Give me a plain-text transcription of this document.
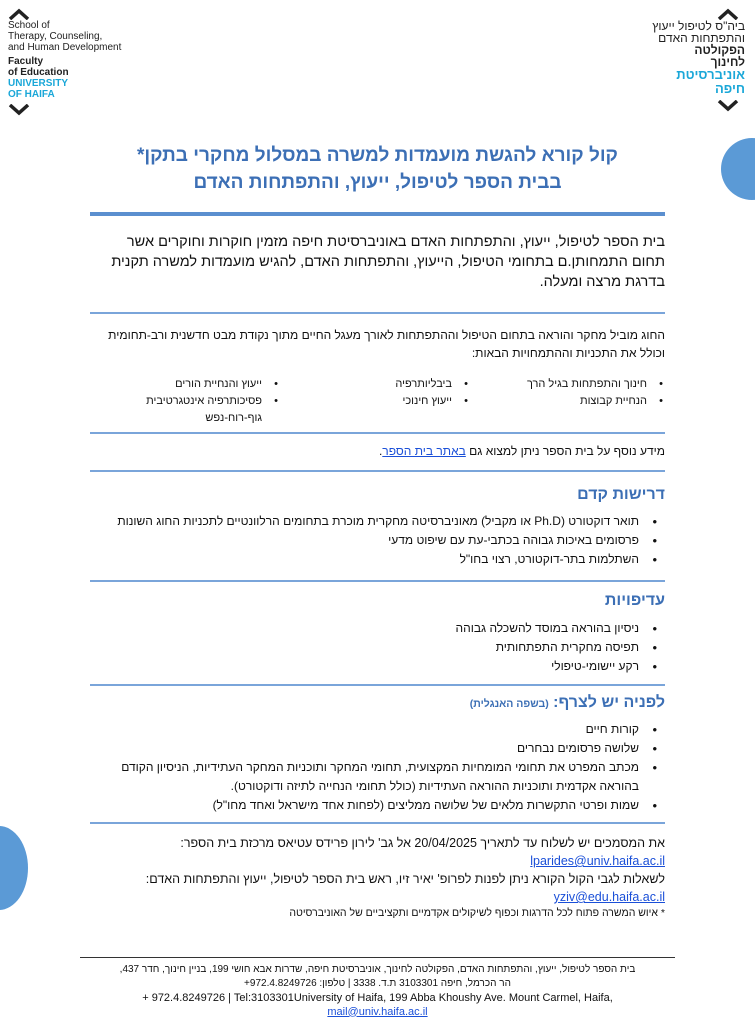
School of
Therapy, Counseling,
and Human Development
Faculty
of Education
UNIVERSITY
OF HAIFA
ביה"ס לטיפול ייעוץ
והתפתחות האדם
הפקולטה
לחינוך
אוניברסיטת
חיפה
קול קורא להגשת מועמדות למשרה במסלול מחקרי בתקן*
בבית הספר לטיפול, ייעוץ, והתפתחות האדם
בית הספר לטיפול, ייעוץ, והתפתחות האדם באוניברסיטת חיפה מזמין חוקרות וחוקרים אשר תחום התמחותן.ם בתחומי הטיפול, הייעוץ, והתפתחות האדם, להגיש מועמדות למשרה תקנית בדרגת מרצה ומעלה.
החוג מוביל מחקר והוראה בתחום הטיפול וההתפתחות לאורך מעגל החיים מתוך נקודת מבט חדשנית ורב-תחומית וכולל את התכניות וההתמחויות הבאות:
• חינוך והתפתחות בגיל הרך
• הנחיית קבוצות
• ביבליותרפיה
• ייעוץ חינוכי
• ייעוץ והנחיית הורים
• פסיכותרפיה אינטגרטיבית גוף-רוח-נפש
מידע נוסף על בית הספר ניתן למצוא גם באתר בית הספר.
דרישות קדם
• תואר דוקטורט (Ph.D או מקביל) מאוניברסיטה מחקרית מוכרת בתחומים הרלוונטיים לתכניות החוג השונות
• פרסומים באיכות גבוהה בכתבי-עת עם שיפוט מדעי
• השתלמות בתר-דוקטורט, רצוי בחו"ל
עדיפויות
• ניסיון בהוראה במוסד להשכלה גבוהה
• תפיסה מחקרית התפתחותית
• רקע יישומי-טיפולי
לפניה יש לצרף: (בשפה האנגלית)
• קורות חיים
• שלושה פרסומים נבחרים
• מכתב המפרט את תחומי המומחיות המקצועית, תחומי המחקר ותוכניות המחקר העתידיות, הניסיון הקודם בהוראה אקדמית ותוכניות ההוראה העתידיות (כולל תחומי הנחייה לתיזה ודוקטורט).
• שמות ופרטי התקשרות מלאים של שלושה ממליצים (לפחות אחד מישראל ואחד מחו"ל)
את המסמכים יש לשלוח עד לתאריך 20/04/2025 אל גב' לירון פרידס עטיאס מרכזת בית הספר:
lparides@univ.haifa.ac.il
לשאלות לגבי הקול הקורא ניתן לפנות לפרופ' יאיר זיו, ראש בית הספר לטיפול, ייעוץ והתפתחות האדם:
yziv@edu.haifa.ac.il
* איוש המשרה פתוח לכל הדרגות וכפוף לשיקולים אקדמיים ותקציביים של האוניברסיטה
בית הספר לטיפול, ייעוץ, והתפתחות האדם, הפקולטה לחינוך, אוניברסיטת חיפה, שדרות אבא חושי 199, בניין חינוך, חדר 437,
הר הכרמל, חיפה 3103301 ת.ד. 3338 | טלפון: 972.4.8249726+
+ 972.4.8249726 | Tel:3103301University of Haifa, 199 Abba Khoushy Ave. Mount Carmel, Haifa,
mail@univ.haifa.ac.il
